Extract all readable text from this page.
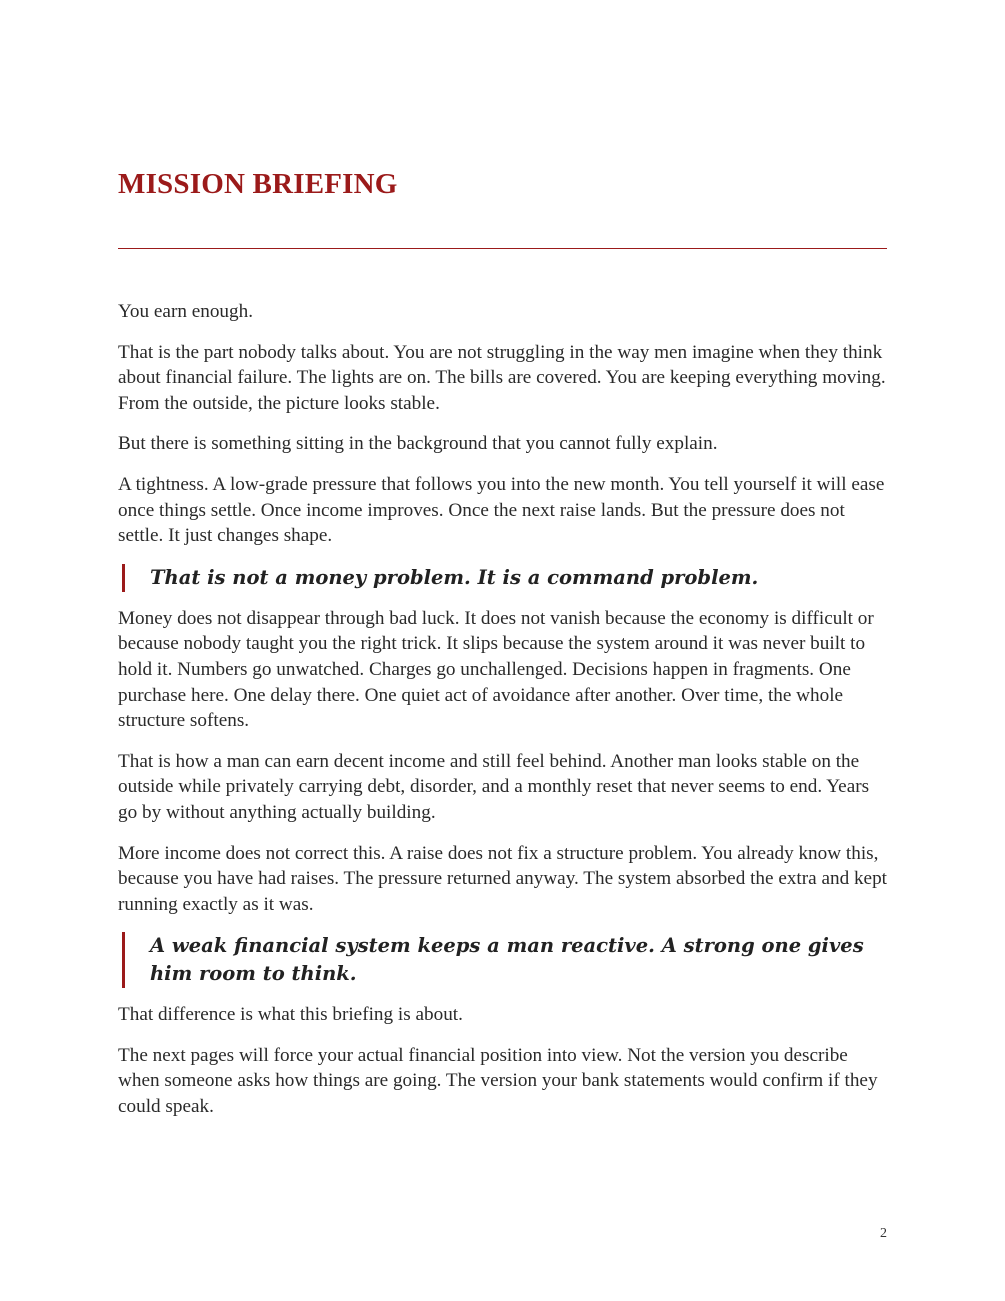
MISSION BRIEFING

You earn enough.

That is the part nobody talks about. You are not struggling in the way men imagine when they think about financial failure. The lights are on. The bills are covered. You are keeping everything moving. From the outside, the picture looks stable.

But there is something sitting in the background that you cannot fully explain.

A tightness. A low-grade pressure that follows you into the new month. You tell yourself it will ease once things settle. Once income improves. Once the next raise lands. But the pressure does not settle. It just changes shape.

That is not a money problem. It is a command problem.

Money does not disappear through bad luck. It does not vanish because the economy is difficult or because nobody taught you the right trick. It slips because the system around it was never built to hold it. Numbers go unwatched. Charges go unchallenged. Decisions happen in fragments. One purchase here. One delay there. One quiet act of avoidance after another. Over time, the whole structure softens.

That is how a man can earn decent income and still feel behind. Another man looks stable on the outside while privately carrying debt, disorder, and a monthly reset that never seems to end. Years go by without anything actually building.

More income does not correct this. A raise does not fix a structure problem. You already know this, because you have had raises. The pressure returned anyway. The system absorbed the extra and kept running exactly as it was.

A weak financial system keeps a man reactive. A strong one gives him room to think.

That difference is what this briefing is about.

The next pages will force your actual financial position into view. Not the version you describe when someone asks how things are going. The version your bank statements would confirm if they could speak.

2
